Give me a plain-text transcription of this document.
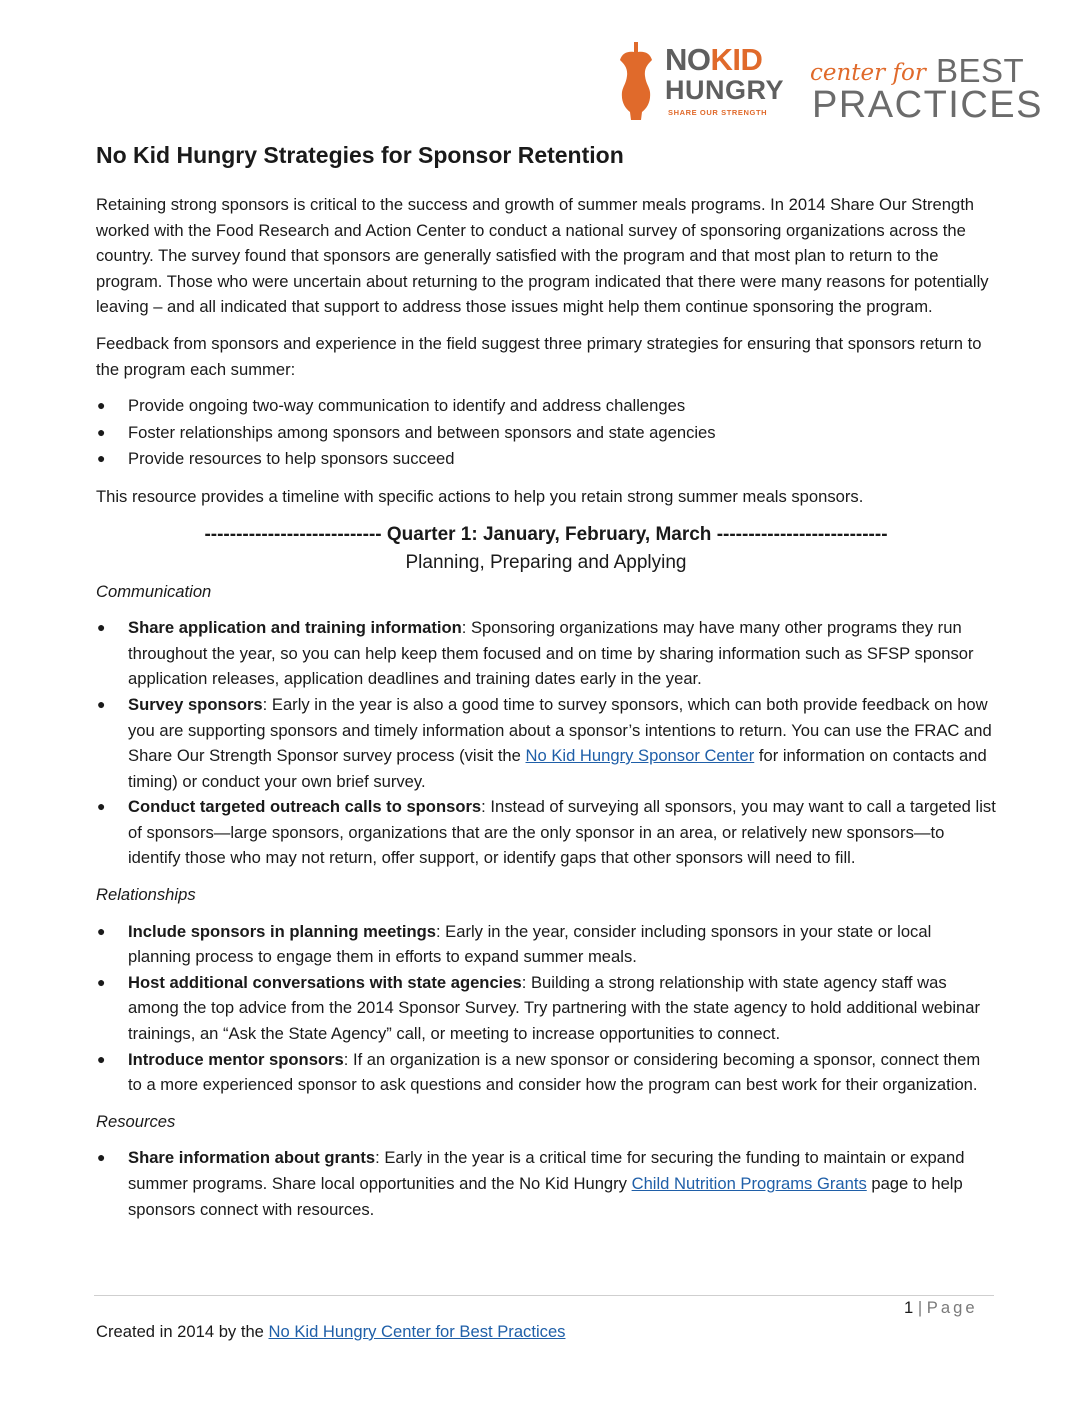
NOKID
HUNGRY
SHARE OUR STRENGTH
center for BEST
PRACTICES
No Kid Hungry Strategies for Sponsor Retention

Retaining strong sponsors is critical to the success and growth of summer meals programs. In 2014 Share Our Strength worked with the Food Research and Action Center to conduct a national survey of sponsoring organizations across the country. The survey found that sponsors are generally satisfied with the program and that most plan to return to the program. Those who were uncertain about returning to the program indicated that there were many reasons for potentially leaving – and all indicated that support to address those issues might help them continue sponsoring the program.

Feedback from sponsors and experience in the field suggest three primary strategies for ensuring that sponsors return to the program each summer:

● Provide ongoing two-way communication to identify and address challenges
● Foster relationships among sponsors and between sponsors and state agencies
● Provide resources to help sponsors succeed

This resource provides a timeline with specific actions to help you retain strong summer meals sponsors.

---------------------------- Quarter 1: January, February, March ---------------------------
Planning, Preparing and Applying

Communication

● Share application and training information: Sponsoring organizations may have many other programs they run throughout the year, so you can help keep them focused and on time by sharing information such as SFSP sponsor application releases, application deadlines and training dates early in the year.
● Survey sponsors: Early in the year is also a good time to survey sponsors, which can both provide feedback on how you are supporting sponsors and timely information about a sponsor’s intentions to return. You can use the FRAC and Share Our Strength Sponsor survey process (visit the No Kid Hungry Sponsor Center for information on contacts and timing) or conduct your own brief survey.
● Conduct targeted outreach calls to sponsors: Instead of surveying all sponsors, you may want to call a targeted list of sponsors—large sponsors, organizations that are the only sponsor in an area, or relatively new sponsors—to identify those who may not return, offer support, or identify gaps that other sponsors will need to fill.

Relationships

● Include sponsors in planning meetings: Early in the year, consider including sponsors in your state or local planning process to engage them in efforts to expand summer meals.
● Host additional conversations with state agencies: Building a strong relationship with state agency staff was among the top advice from the 2014 Sponsor Survey. Try partnering with the state agency to hold additional webinar trainings, an “Ask the State Agency” call, or meeting to increase opportunities to connect.
● Introduce mentor sponsors: If an organization is a new sponsor or considering becoming a sponsor, connect them to a more experienced sponsor to ask questions and consider how the program can best work for their organization.

Resources

● Share information about grants: Early in the year is a critical time for securing the funding to maintain or expand summer programs. Share local opportunities and the No Kid Hungry Child Nutrition Programs Grants page to help sponsors connect with resources.
1 | Page
Created in 2014 by the No Kid Hungry Center for Best Practices
